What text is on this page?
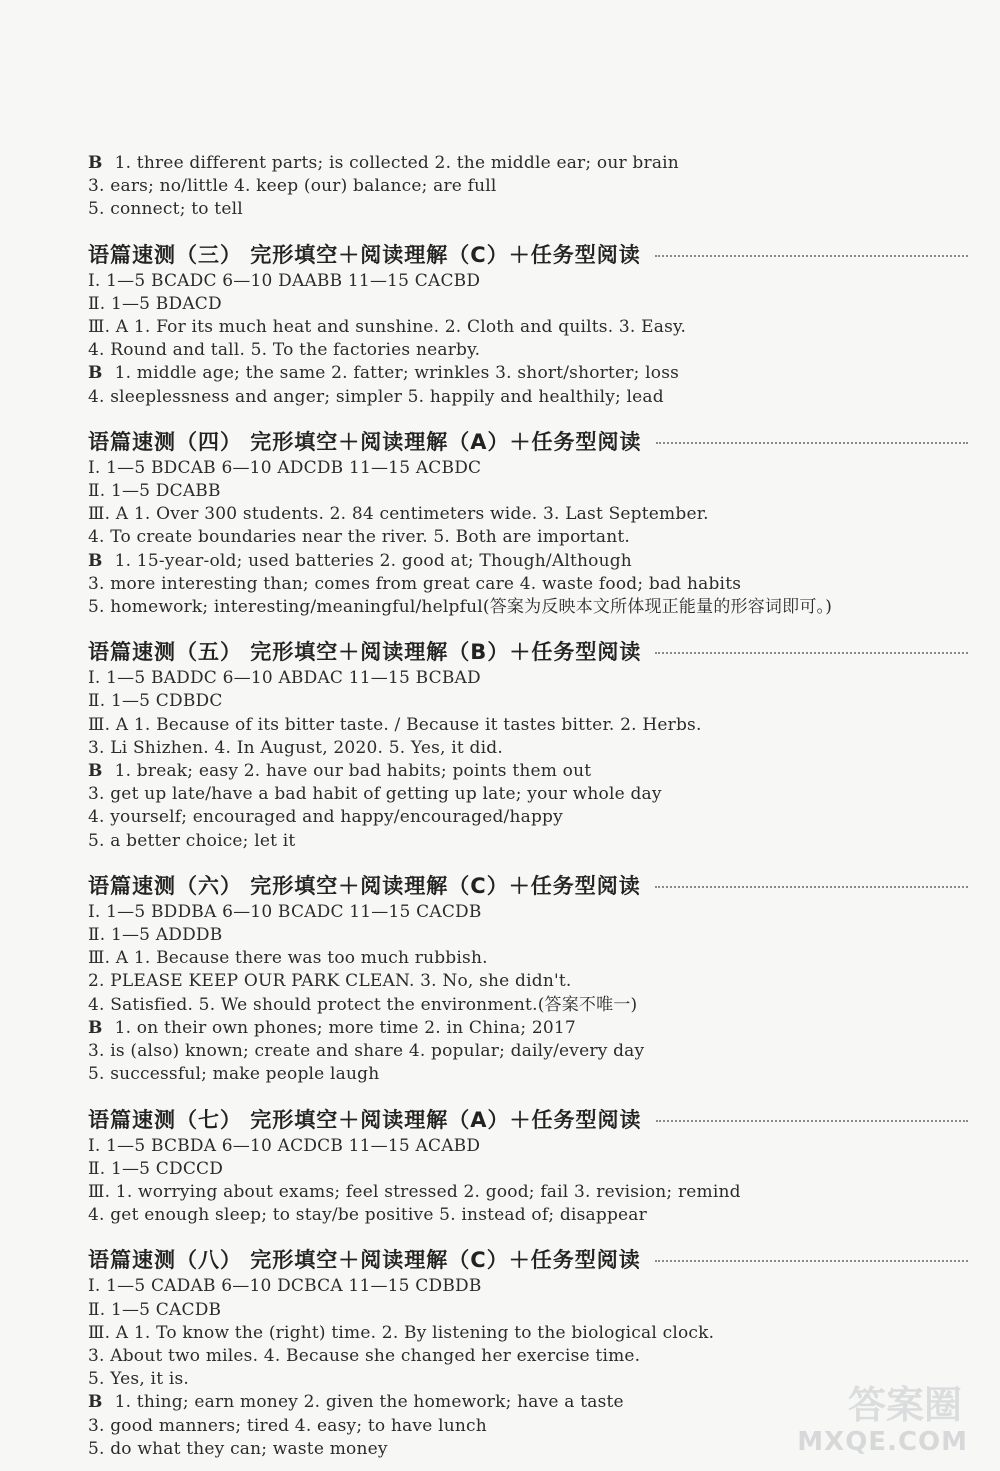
B 1. three different parts; is collected 2. the middle ear; our brain
3. ears; no/little 4. keep (our) balance; are full
5. connect; to tell
语篇速测（三） 完形填空＋阅读理解（C）＋任务型阅读
Ⅰ. 1—5 BCADC 6—10 DAABB 11—15 CACBD
Ⅱ. 1—5 BDACD
Ⅲ. A 1. For its much heat and sunshine. 2. Cloth and quilts. 3. Easy.
4. Round and tall. 5. To the factories nearby.
B 1. middle age; the same 2. fatter; wrinkles 3. short/shorter; loss
4. sleeplessness and anger; simpler 5. happily and healthily; lead
语篇速测（四） 完形填空＋阅读理解（A）＋任务型阅读
Ⅰ. 1—5 BDCAB 6—10 ADCDB 11—15 ACBDC
Ⅱ. 1—5 DCABB
Ⅲ. A 1. Over 300 students. 2. 84 centimeters wide. 3. Last September.
4. To create boundaries near the river. 5. Both are important.
B 1. 15-year-old; used batteries 2. good at; Though/Although
3. more interesting than; comes from great care 4. waste food; bad habits
5. homework; interesting/meaningful/helpful(答案为反映本文所体现正能量的形容词即可。)
语篇速测（五） 完形填空＋阅读理解（B）＋任务型阅读
Ⅰ. 1—5 BADDC 6—10 ABDAC 11—15 BCBAD
Ⅱ. 1—5 CDBDC
Ⅲ. A 1. Because of its bitter taste. / Because it tastes bitter. 2. Herbs.
3. Li Shizhen. 4. In August, 2020. 5. Yes, it did.
B 1. break; easy 2. have our bad habits; points them out
3. get up late/have a bad habit of getting up late; your whole day
4. yourself; encouraged and happy/encouraged/happy
5. a better choice; let it
语篇速测（六） 完形填空＋阅读理解（C）＋任务型阅读
Ⅰ. 1—5 BDDBA 6—10 BCADC 11—15 CACDB
Ⅱ. 1—5 ADDDB
Ⅲ. A 1. Because there was too much rubbish.
2. PLEASE KEEP OUR PARK CLEAN. 3. No, she didn't.
4. Satisfied. 5. We should protect the environment.(答案不唯一)
B 1. on their own phones; more time 2. in China; 2017
3. is (also) known; create and share 4. popular; daily/every day
5. successful; make people laugh
语篇速测（七） 完形填空＋阅读理解（A）＋任务型阅读
Ⅰ. 1—5 BCBDA 6—10 ACDCB 11—15 ACABD
Ⅱ. 1—5 CDCCD
Ⅲ. 1. worrying about exams; feel stressed 2. good; fail 3. revision; remind
4. get enough sleep; to stay/be positive 5. instead of; disappear
语篇速测（八） 完形填空＋阅读理解（C）＋任务型阅读
Ⅰ. 1—5 CADAB 6—10 DCBCA 11—15 CDBDB
Ⅱ. 1—5 CACDB
Ⅲ. A 1. To know the (right) time. 2. By listening to the biological clock.
3. About two miles. 4. Because she changed her exercise time.
5. Yes, it is.
B 1. thing; earn money 2. given the homework; have a taste
3. good manners; tired 4. easy; to have lunch
5. do what they can; waste money
答案圈
MXQE.COM
